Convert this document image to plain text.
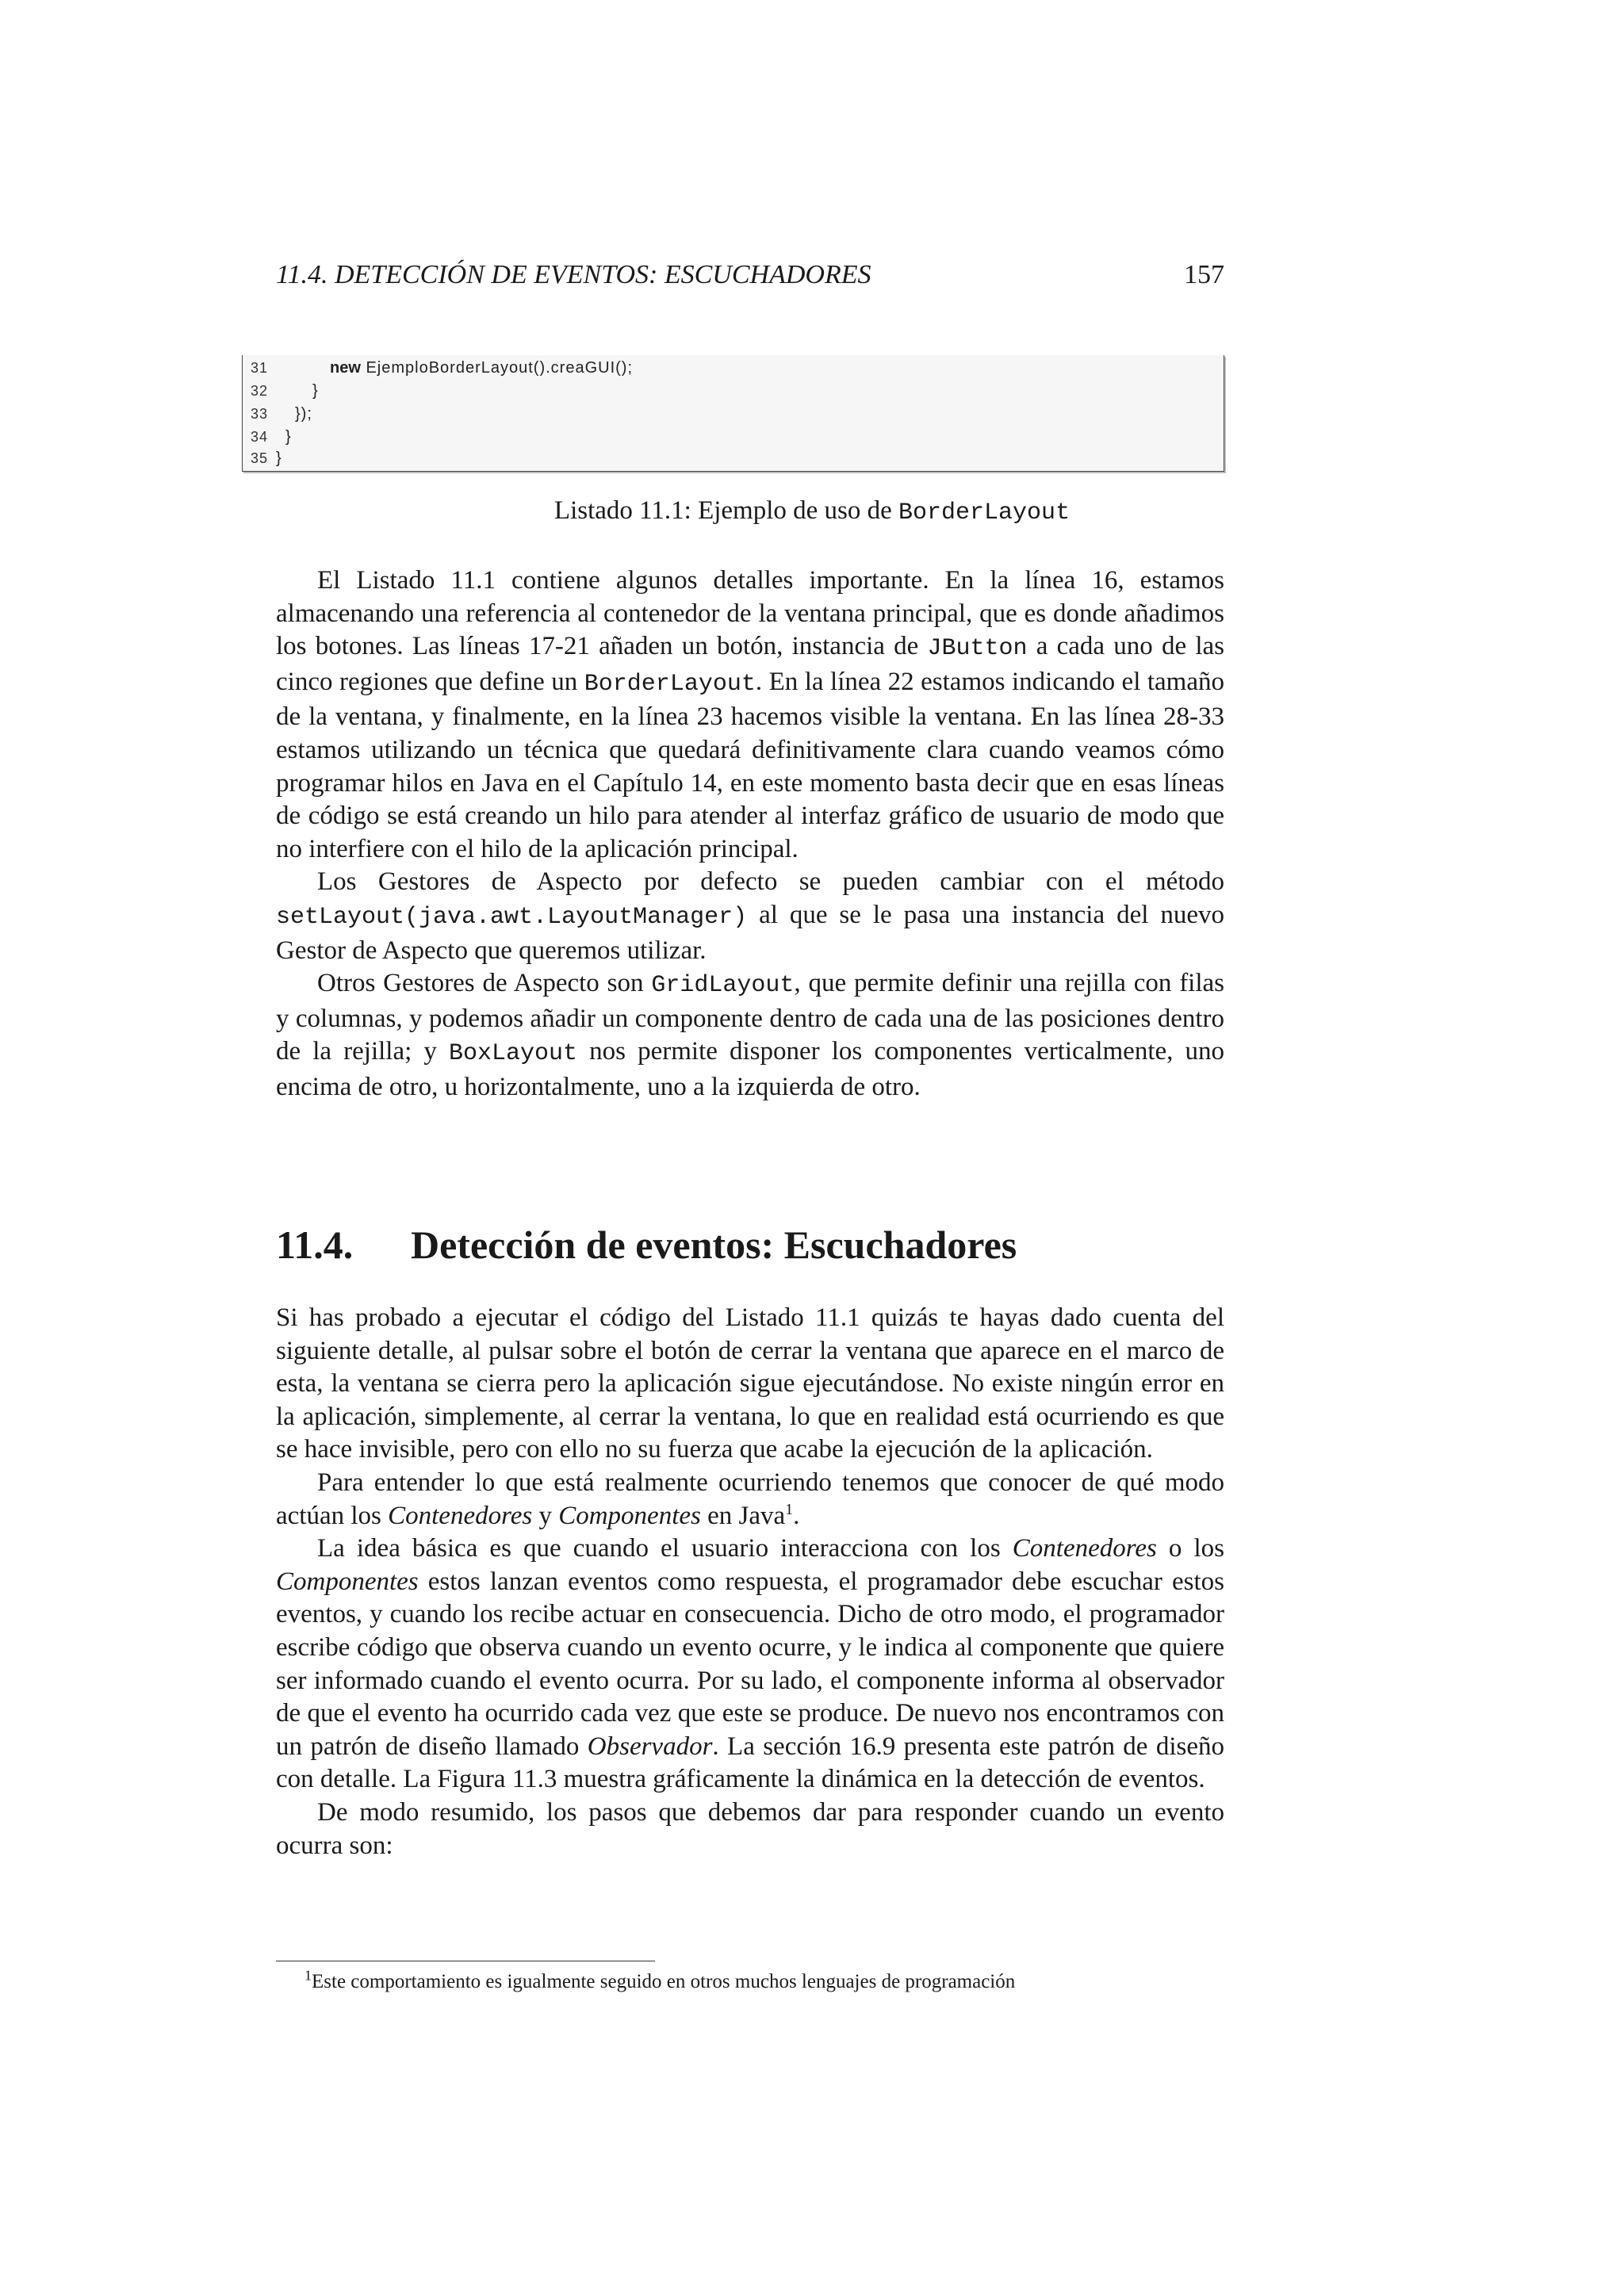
11.4. DETECCIÓN DE EVENTOS: ESCUCHADORES	157
31	new EjemploBorderLayout().creaGUI();
32	}
33 });
34 }
35 }
Listado 11.1: Ejemplo de uso de BorderLayout

El Listado 11.1 contiene algunos detalles importante. En la línea 16, estamos almacenando una referencia al contenedor de la ventana principal, que es donde añadimos los botones. Las líneas 17-21 añaden un botón, instancia de JButton a cada uno de las cinco regiones que define un BorderLayout. En la línea 22 estamos indicando el tamaño de la ventana, y finalmente, en la línea 23 hacemos visible la ventana. En las línea 28-33 estamos utilizando un técnica que quedará definitivamente clara cuando veamos cómo programar hilos en Java en el Capítulo 14, en este momento basta decir que en esas líneas de código se está creando un hilo para atender al interfaz gráfico de usuario de modo que no interfiere con el hilo de la aplicación principal.

Los Gestores de Aspecto por defecto se pueden cambiar con el método setLayout(java.awt.LayoutManager) al que se le pasa una instancia del nuevo Gestor de Aspecto que queremos utilizar.

Otros Gestores de Aspecto son GridLayout, que permite definir una rejilla con filas y columnas, y podemos añadir un componente dentro de cada una de las posiciones dentro de la rejilla; y BoxLayout nos permite disponer los componentes verticalmente, uno encima de otro, u horizontalmente, uno a la izquierda de otro.

11.4. Detección de eventos: Escuchadores

Si has probado a ejecutar el código del Listado 11.1 quizás te hayas dado cuenta del siguiente detalle, al pulsar sobre el botón de cerrar la ventana que aparece en el marco de esta, la ventana se cierra pero la aplicación sigue ejecutándose. No existe ningún error en la aplicación, simplemente, al cerrar la ventana, lo que en realidad está ocurriendo es que se hace invisible, pero con ello no su fuerza que acabe la ejecución de la aplicación.

Para entender lo que está realmente ocurriendo tenemos que conocer de qué modo actúan los Contenedores y Componentes en Java$^1$.

La idea básica es que cuando el usuario interacciona con los Contenedores o los Componentes estos lanzan eventos como respuesta, el programador debe escuchar estos eventos, y cuando los recibe actuar en consecuencia. Dicho de otro modo, el programador escribe código que observa cuando un evento ocurre, y le indica al componente que quiere ser informado cuando el evento ocurra. Por su lado, el componente informa al observador de que el evento ha ocurrido cada vez que este se produce. De nuevo nos encontramos con un patrón de diseño llamado Observador. La sección 16.9 presenta este patrón de diseño con detalle. La Figura 11.3 muestra gráficamente la dinámica en la detección de eventos.

De modo resumido, los pasos que debemos dar para responder cuando un evento ocurra son:

$^1$Este comportamiento es igualmente seguido en otros muchos lenguajes de programación
